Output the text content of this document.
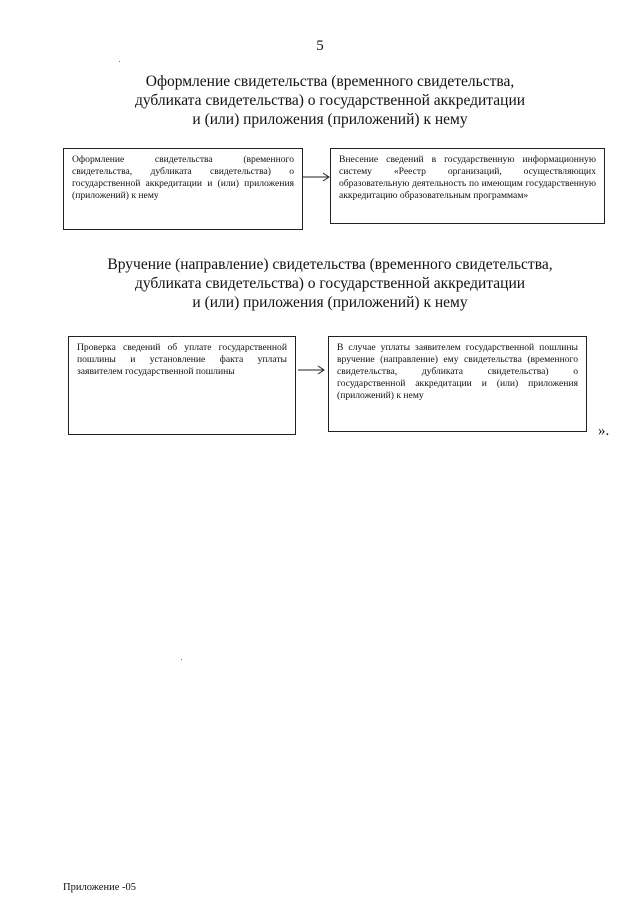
5
Оформление свидетельства (временного свидетельства,
дубликата свидетельства) о государственной аккредитации
и (или) приложения (приложений) к нему
Оформление свидетельства (временного свидетельства, дубликата свидетельства) о государственной аккредитации и (или) приложения (приложений) к нему
Внесение сведений в государственную информационную систему «Реестр организаций, осуществляющих образовательную деятельность по имеющим государственную аккредитацию образовательным программам»
Вручение (направление) свидетельства (временного свидетельства,
дубликата свидетельства) о государственной аккредитации
и (или) приложения (приложений) к нему
Проверка сведений об уплате государственной пошлины и установление факта уплаты заявителем государственной пошлины
В случае уплаты заявителем государственной пошлины вручение (направление) ему свидетельства (временного свидетельства, дубликата свидетельства) о государственной аккредитации и (или) приложения (приложений) к нему
».
Приложение -05
